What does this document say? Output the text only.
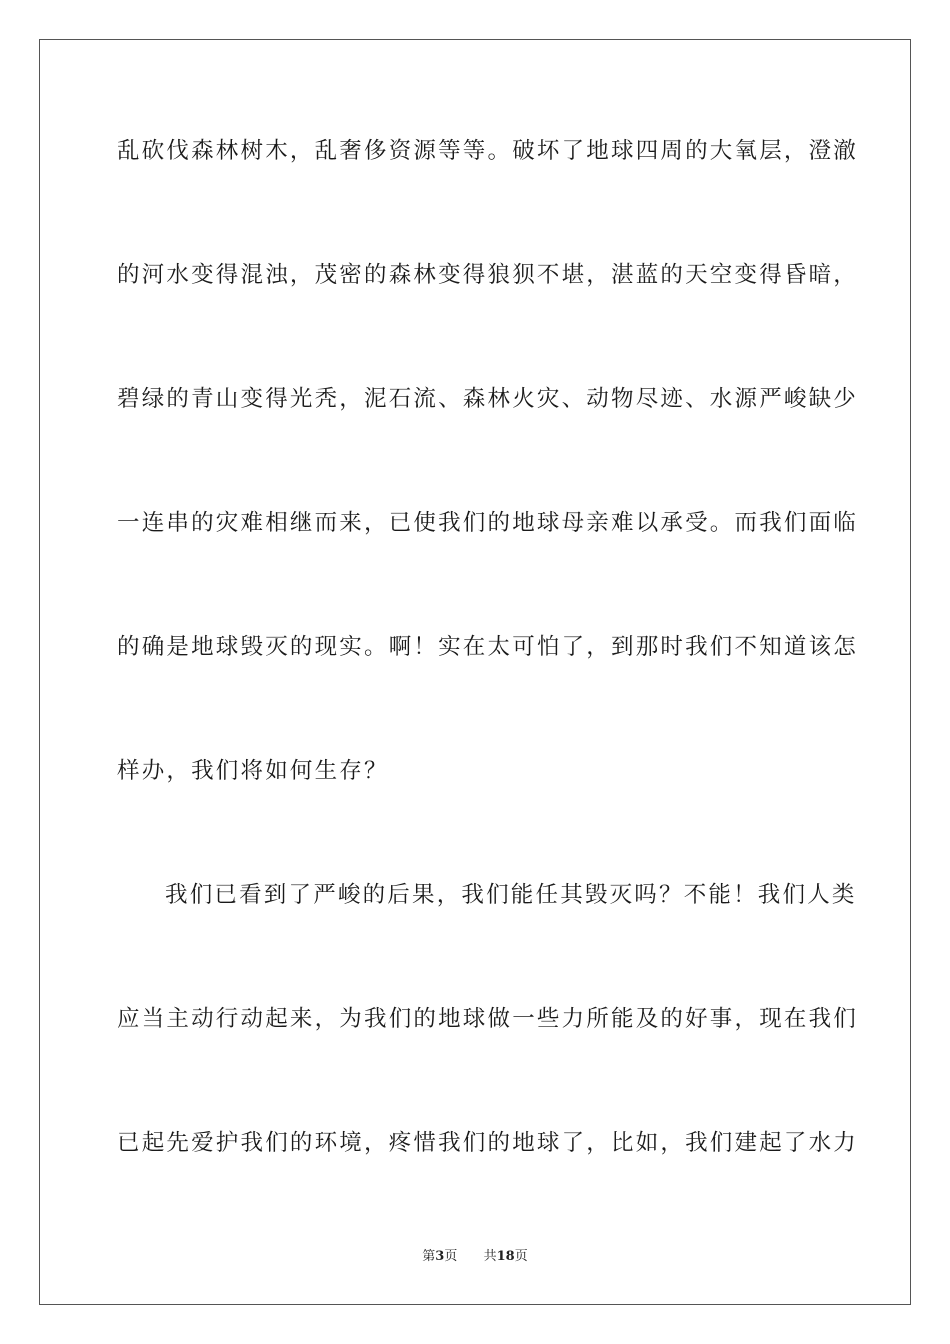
乱砍伐森林树木，乱奢侈资源等等。破坏了地球四周的大氧层，澄澈
的河水变得混浊，茂密的森林变得狼狈不堪，湛蓝的天空变得昏暗，
碧绿的青山变得光秃，泥石流、森林火灾、动物尽迹、水源严峻缺少
一连串的灾难相继而来，已使我们的地球母亲难以承受。而我们面临
的确是地球毁灭的现实。啊！实在太可怕了，到那时我们不知道该怎
样办，我们将如何生存？
我们已看到了严峻的后果，我们能任其毁灭吗？不能！我们人类
应当主动行动起来，为我们的地球做一些力所能及的好事，现在我们
已起先爱护我们的环境，疼惜我们的地球了，比如，我们建起了水力
第3页 共18页
